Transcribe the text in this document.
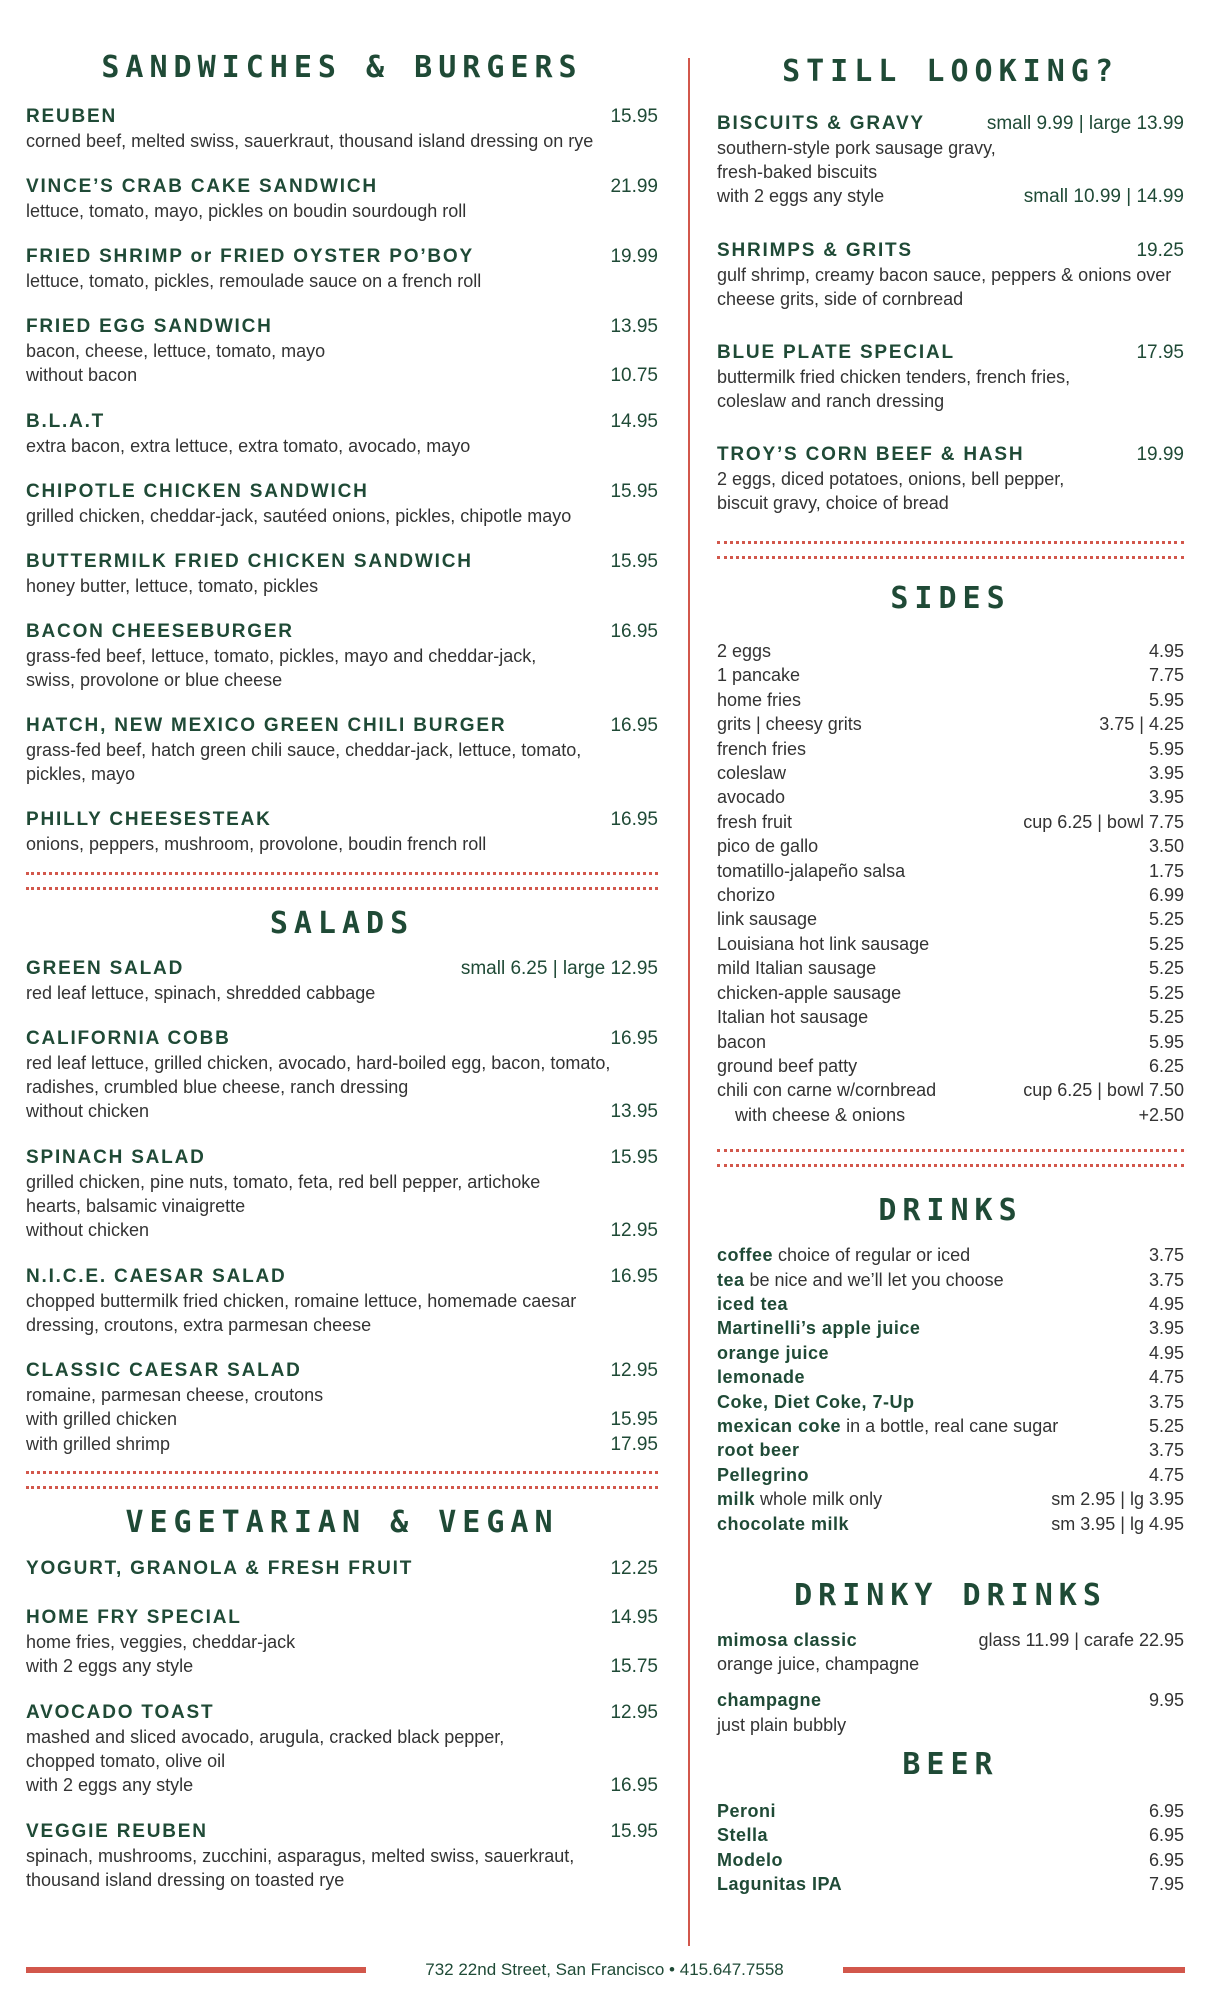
SANDWICHES & BURGERS
REUBEN	15.95
corned beef, melted swiss, sauerkraut, thousand island dressing on rye
VINCE’S CRAB CAKE SANDWICH	21.99
lettuce, tomato, mayo, pickles on boudin sourdough roll
FRIED SHRIMP or FRIED OYSTER PO’BOY	19.99
lettuce, tomato, pickles, remoulade sauce on a french roll
FRIED EGG SANDWICH	13.95
bacon, cheese, lettuce, tomato, mayo
without bacon	10.75
B.L.A.T	14.95
extra bacon, extra lettuce, extra tomato, avocado, mayo
CHIPOTLE CHICKEN SANDWICH	15.95
grilled chicken, cheddar-jack, sautéed onions, pickles, chipotle mayo
BUTTERMILK FRIED CHICKEN SANDWICH	15.95
honey butter, lettuce, tomato, pickles
BACON CHEESEBURGER	16.95
grass-fed beef, lettuce, tomato, pickles, mayo and cheddar-jack, swiss, provolone or blue cheese
HATCH, NEW MEXICO GREEN CHILI BURGER	16.95
grass-fed beef, hatch green chili sauce, cheddar-jack, lettuce, tomato, pickles, mayo
PHILLY CHEESESTEAK	16.95
onions, peppers, mushroom, provolone, boudin french roll
SALADS
GREEN SALAD	small 6.25 | large 12.95
red leaf lettuce, spinach, shredded cabbage
CALIFORNIA COBB	16.95
red leaf lettuce, grilled chicken, avocado, hard-boiled egg, bacon, tomato, radishes, crumbled blue cheese, ranch dressing
without chicken	13.95
SPINACH SALAD	15.95
grilled chicken, pine nuts, tomato, feta, red bell pepper, artichoke hearts, balsamic vinaigrette
without chicken	12.95
N.I.C.E. CAESAR SALAD	16.95
chopped buttermilk fried chicken, romaine lettuce, homemade caesar dressing, croutons, extra parmesan cheese
CLASSIC CAESAR SALAD	12.95
romaine, parmesan cheese, croutons
with grilled chicken	15.95
with grilled shrimp	17.95
VEGETARIAN & VEGAN
YOGURT, GRANOLA & FRESH FRUIT	12.25
HOME FRY SPECIAL	14.95
home fries, veggies, cheddar-jack
with 2 eggs any style	15.75
AVOCADO TOAST	12.95
mashed and sliced avocado, arugula, cracked black pepper, chopped tomato, olive oil
with 2 eggs any style	16.95
VEGGIE REUBEN	15.95
spinach, mushrooms, zucchini, asparagus, melted swiss, sauerkraut, thousand island dressing on toasted rye
STILL LOOKING?
BISCUITS & GRAVY	small 9.99 | large 13.99
southern-style pork sausage gravy, fresh-baked biscuits
with 2 eggs any style	small 10.99 | 14.99
SHRIMPS & GRITS	19.25
gulf shrimp, creamy bacon sauce, peppers & onions over cheese grits, side of cornbread
BLUE PLATE SPECIAL	17.95
buttermilk fried chicken tenders, french fries, coleslaw and ranch dressing
TROY’S CORN BEEF & HASH	19.99
2 eggs, diced potatoes, onions, bell pepper, biscuit gravy, choice of bread
SIDES
2 eggs	4.95
1 pancake	7.75
home fries	5.95
grits | cheesy grits	3.75 | 4.25
french fries	5.95
coleslaw	3.95
avocado	3.95
fresh fruit	cup 6.25 | bowl 7.75
pico de gallo	3.50
tomatillo-jalapeño salsa	1.75
chorizo	6.99
link sausage	5.25
Louisiana hot link sausage	5.25
mild Italian sausage	5.25
chicken-apple sausage	5.25
Italian hot sausage	5.25
bacon	5.95
ground beef patty	6.25
chili con carne w/cornbread	cup 6.25 | bowl 7.50
with cheese & onions	+2.50
DRINKS
coffee choice of regular or iced	3.75
tea be nice and we’ll let you choose	3.75
iced tea	4.95
Martinelli’s apple juice	3.95
orange juice	4.95
lemonade	4.75
Coke, Diet Coke, 7-Up	3.75
mexican coke in a bottle, real cane sugar	5.25
root beer	3.75
Pellegrino	4.75
milk whole milk only	sm 2.95 | lg 3.95
chocolate milk	sm 3.95 | lg 4.95
DRINKY DRINKS
mimosa classic	glass 11.99 | carafe 22.95
orange juice, champagne
champagne	9.95
just plain bubbly
BEER
Peroni	6.95
Stella	6.95
Modelo	6.95
Lagunitas IPA	7.95
732 22nd Street, San Francisco • 415.647.7558
